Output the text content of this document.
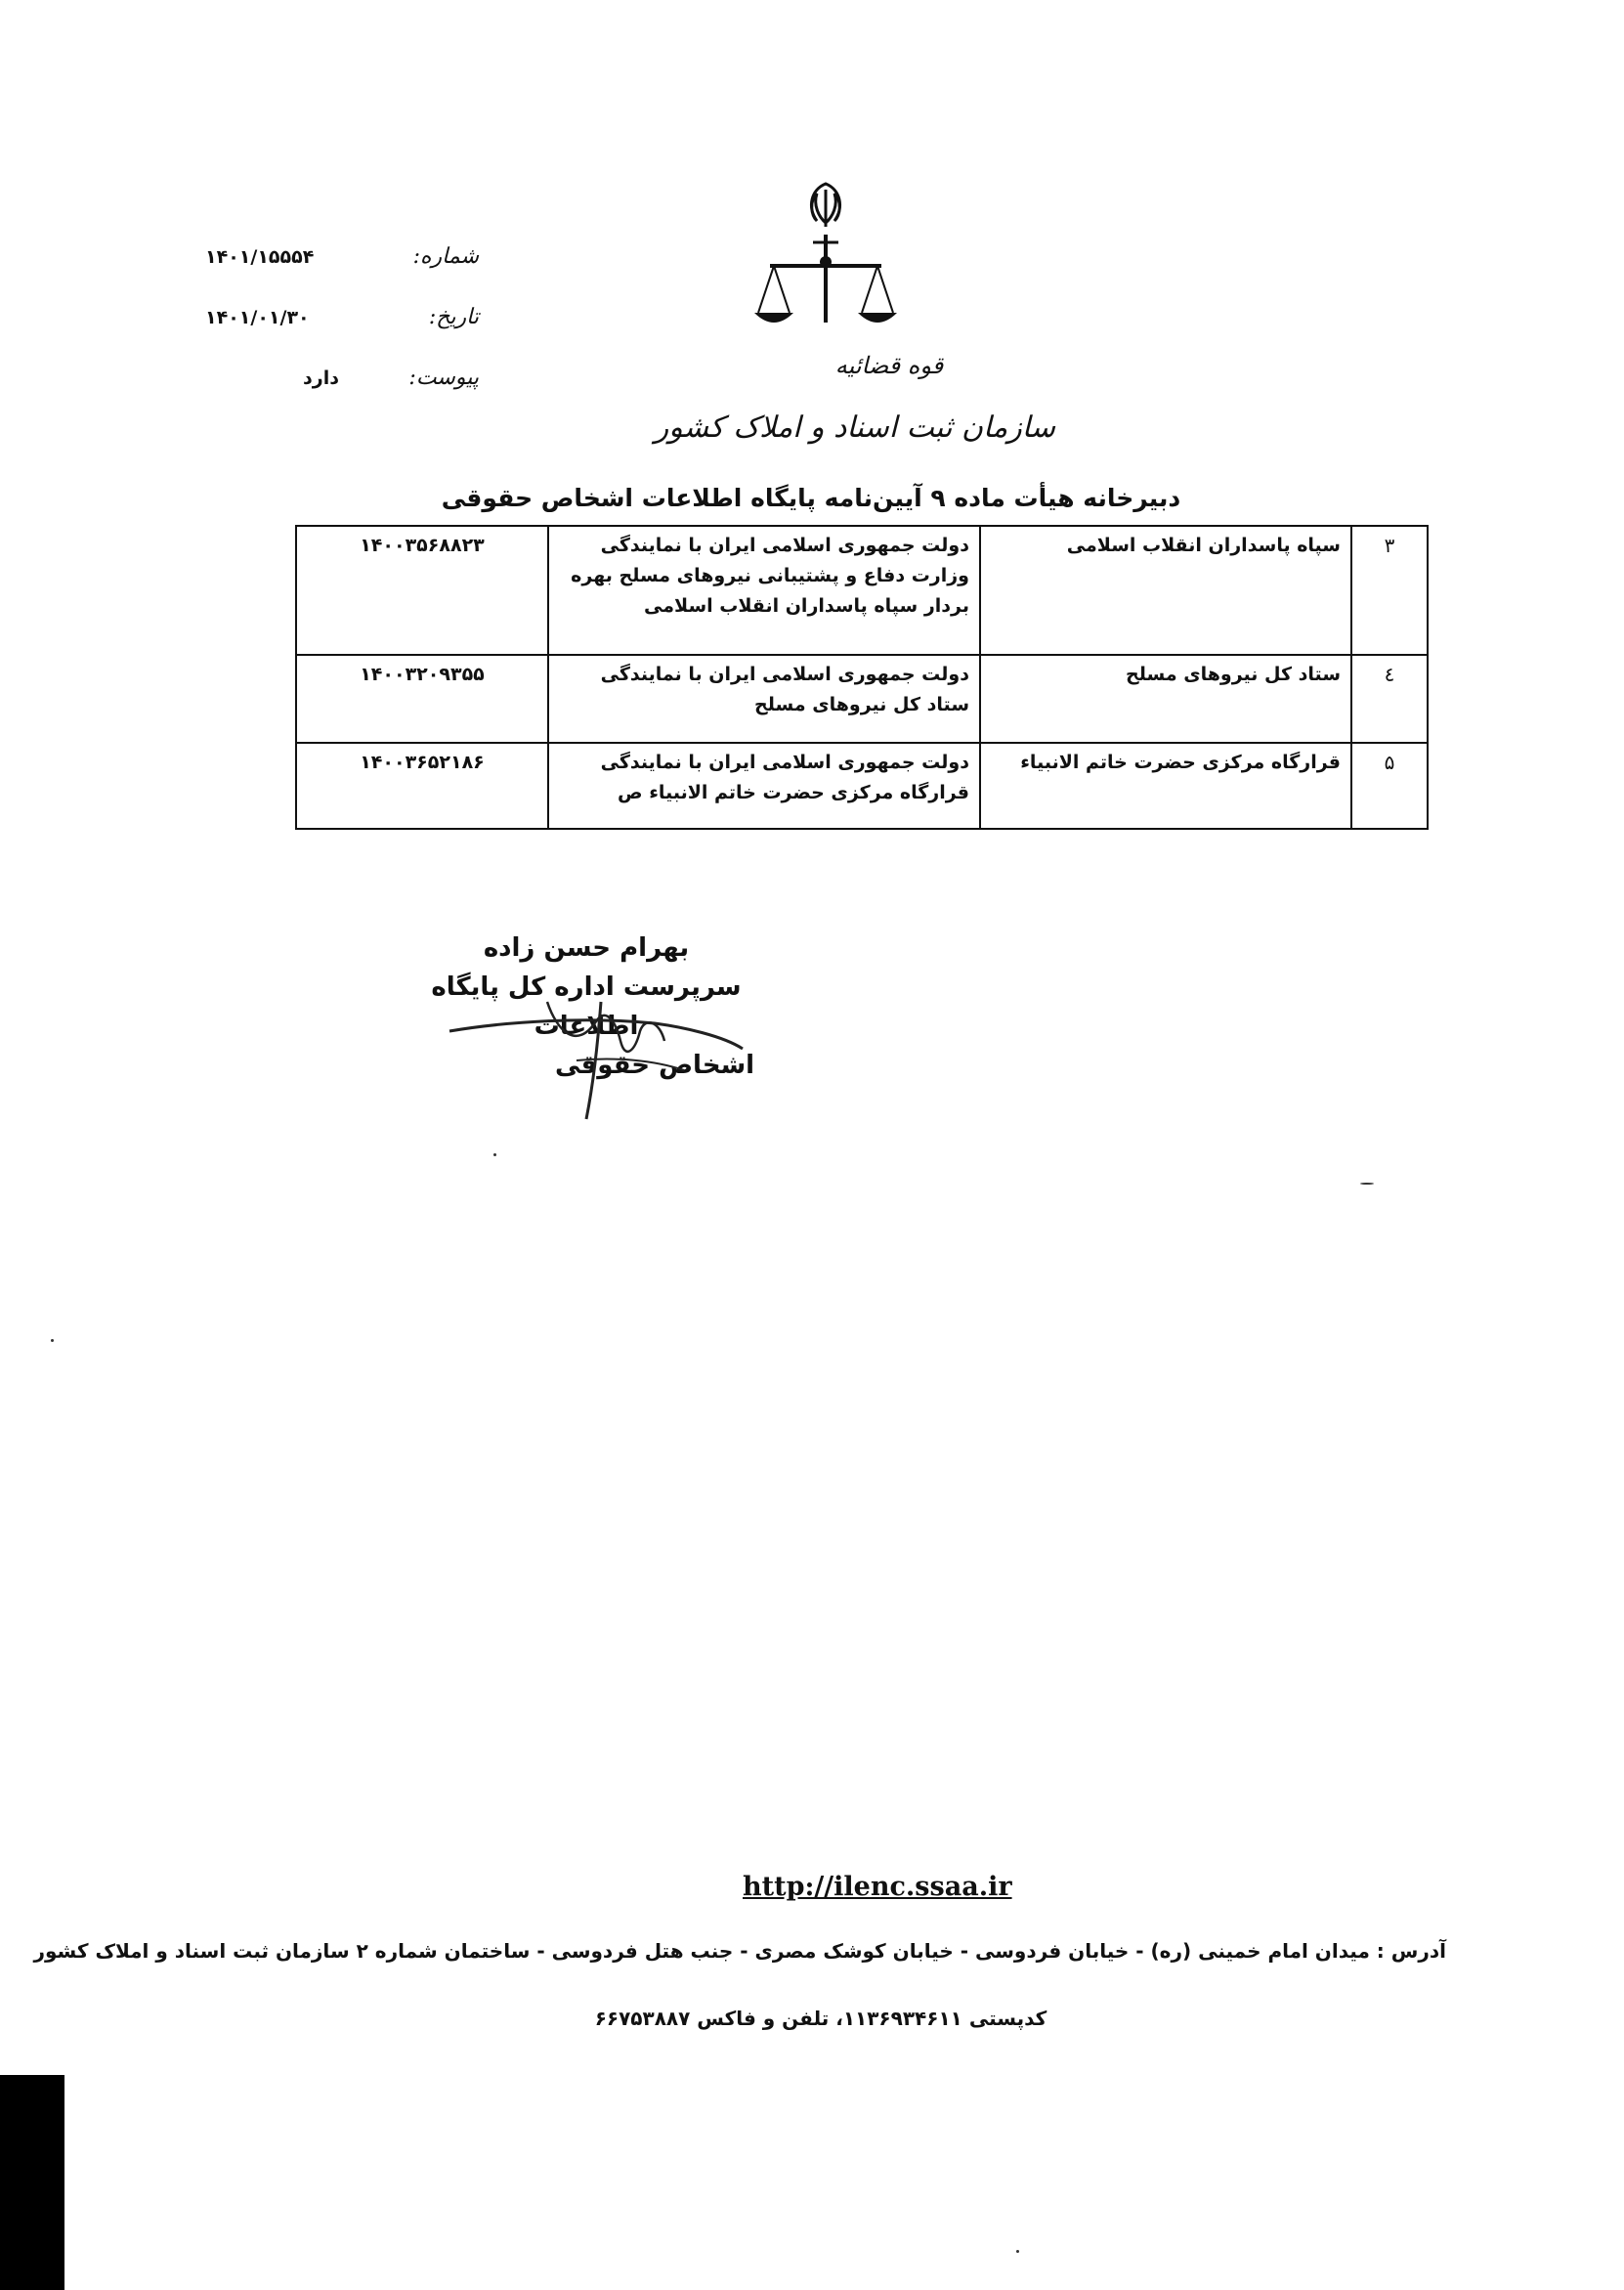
قوه قضائیه
سازمان ثبت اسناد و املاک کشور
شماره:
۱۴۰۱/۱۵۵۵۴
تاریخ:
۱۴۰۱/۰۱/۳۰
پیوست:
دارد
دبیرخانه هیأت ماده ۹ آیین‌نامه پایگاه اطلاعات اشخاص حقوقی
۳	سپاه پاسداران انقلاب اسلامی	دولت جمهوری اسلامی ایران با نمایندگی وزارت دفاع و پشتیبانی نیروهای مسلح بهره بردار سپاه پاسداران انقلاب اسلامی	۱۴۰۰۳۵۶۸۸۲۳
٤	ستاد کل نیروهای مسلح	دولت جمهوری اسلامی ایران با نمایندگی ستاد کل نیروهای مسلح	۱۴۰۰۳۲۰۹۳۵۵
۵	قرارگاه مرکزی حضرت خاتم الانبیاء	دولت جمهوری اسلامی ایران با نمایندگی قرارگاه مرکزی حضرت خاتم الانبیاء ص	۱۴۰۰۳۶۵۲۱۸۶
بهرام حسن زاده
سرپرست اداره کل پایگاه اطلاعات
اشخاص حقوقی
http://ilenc.ssaa.ir
آدرس : میدان امام خمینی (ره) - خیابان فردوسی - خیابان کوشک مصری - جنب هتل فردوسی - ساختمان شماره ۲ سازمان ثبت اسناد و املاک کشور
کدپستی ۱۱۳۶۹۳۴۶۱۱، تلفن و فاکس ۶۶۷۵۳۸۸۷
